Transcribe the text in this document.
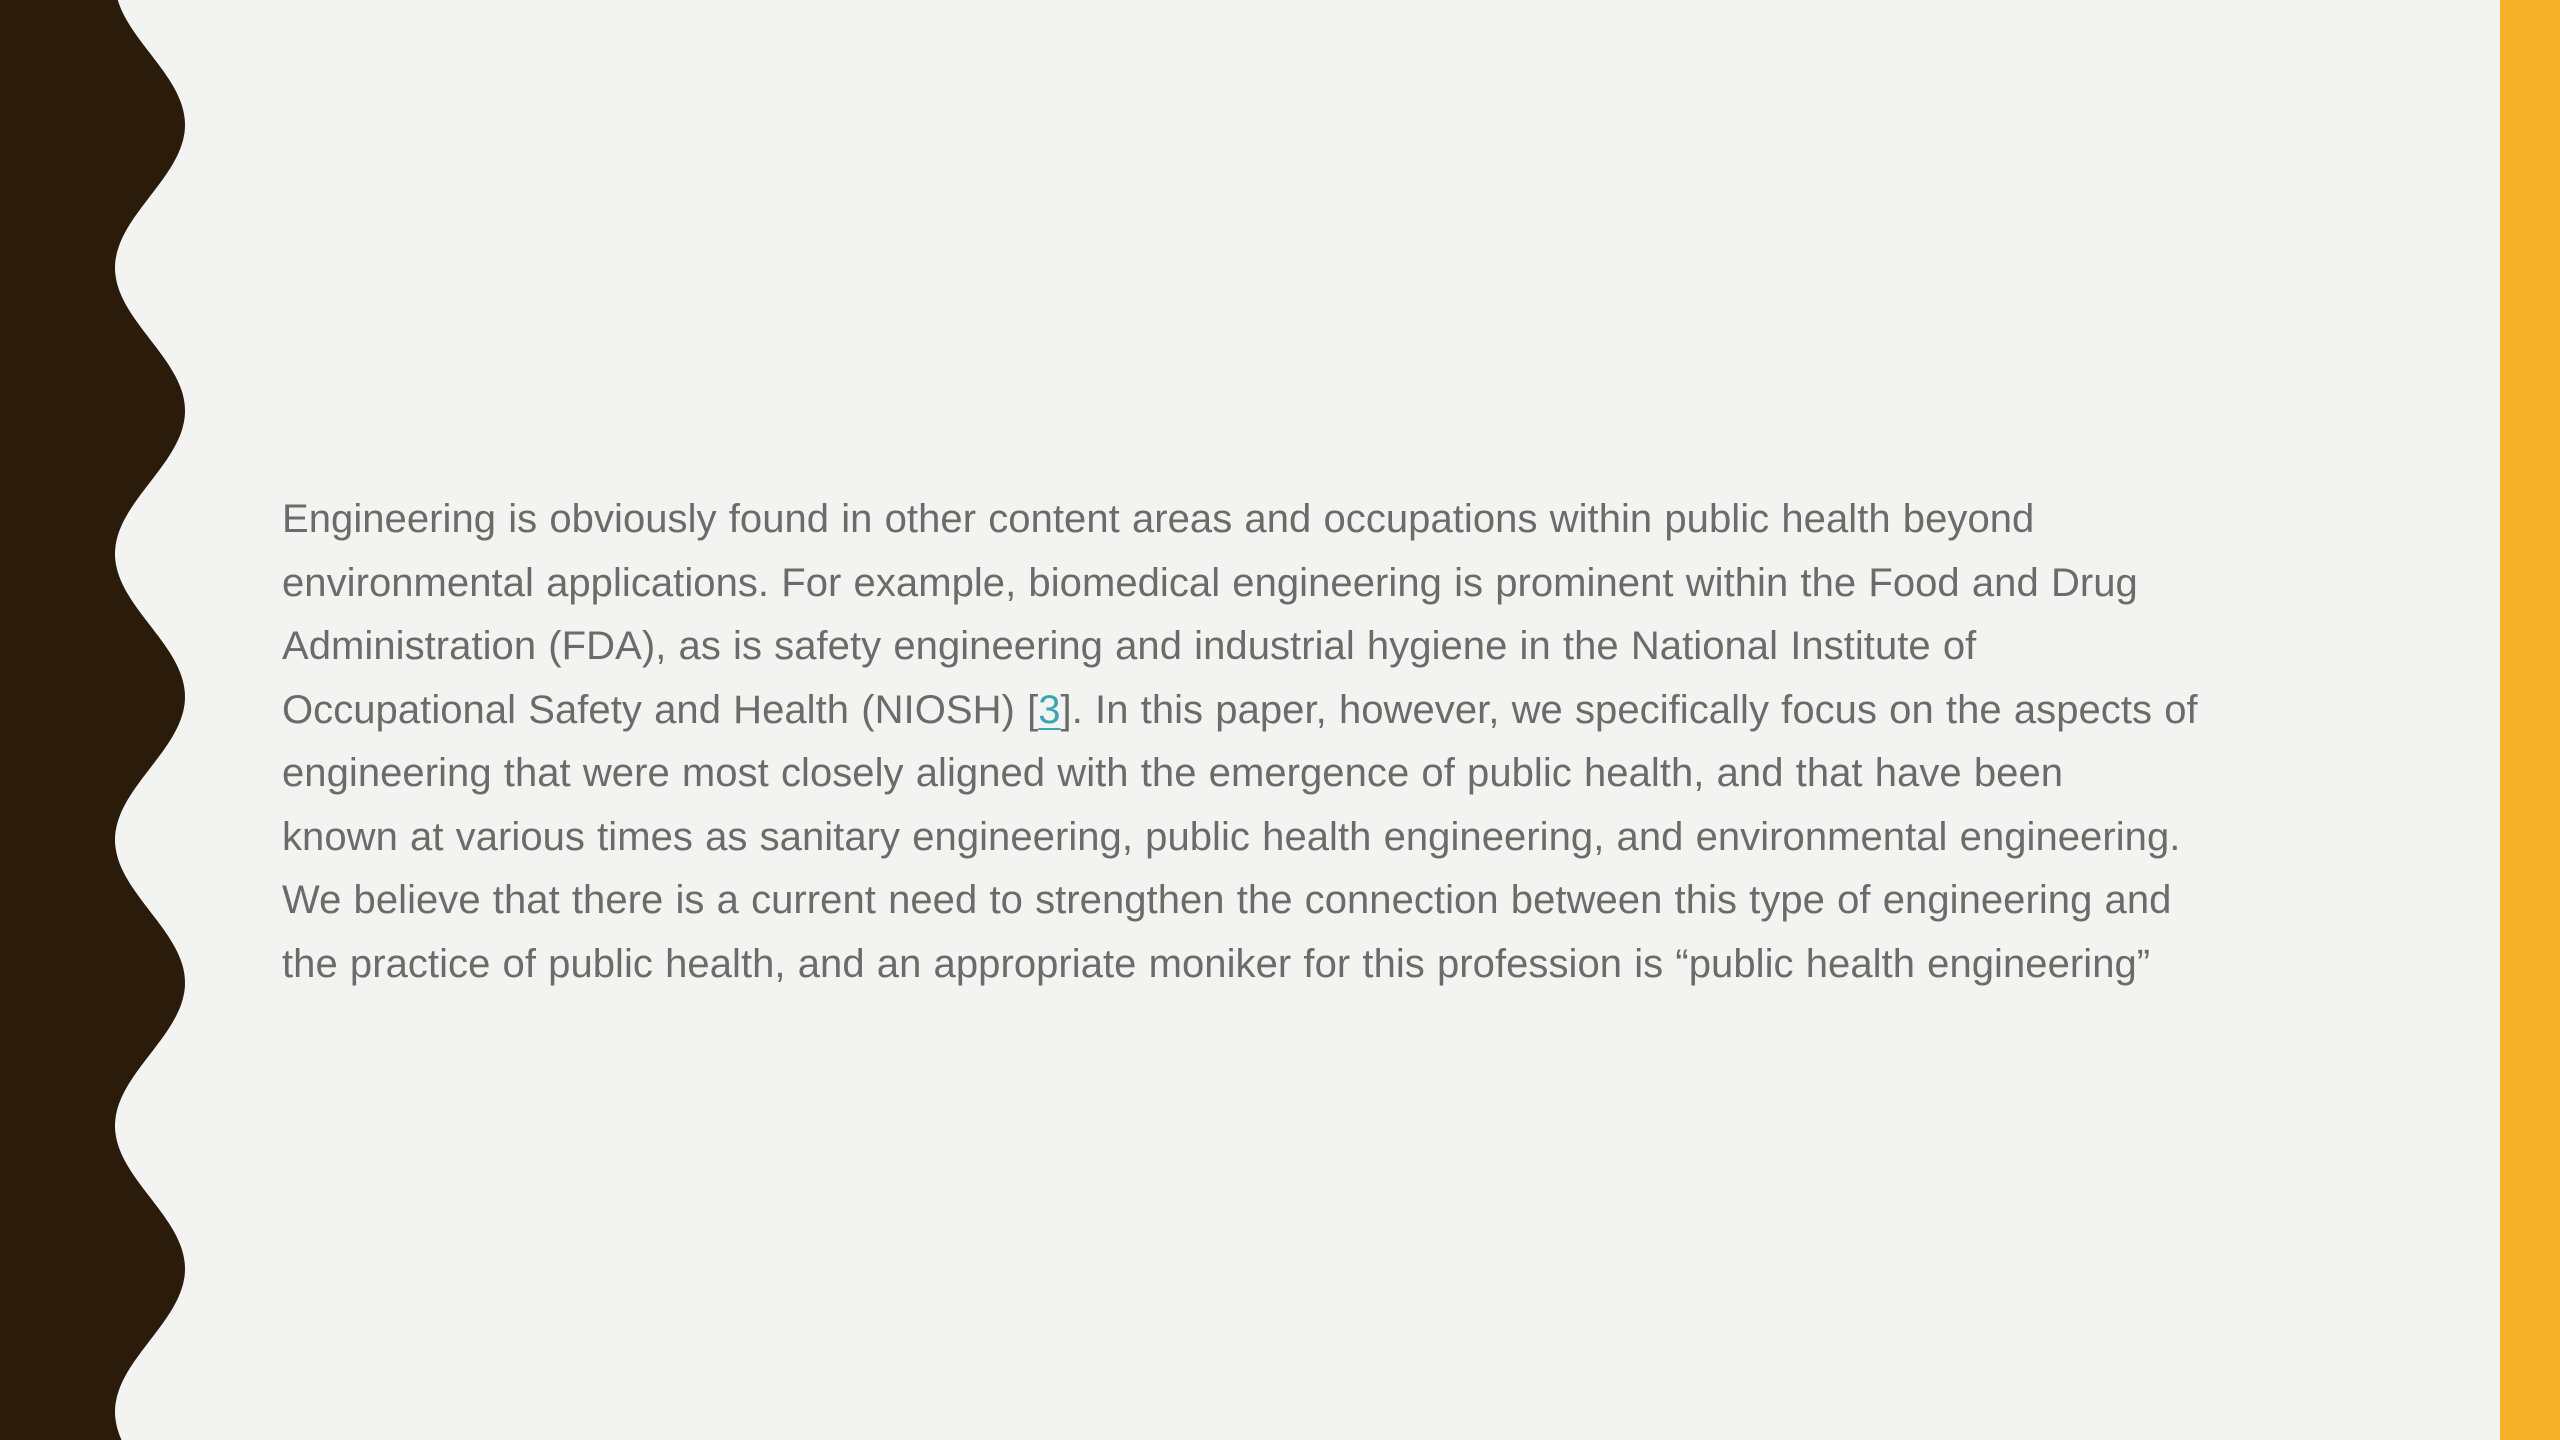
Engineering is obviously found in other content areas and occupations within public health beyond
environmental applications. For example, biomedical engineering is prominent within the Food and Drug
Administration (FDA), as is safety engineering and industrial hygiene in the National Institute of
Occupational Safety and Health (NIOSH) [3]. In this paper, however, we specifically focus on the aspects of
engineering that were most closely aligned with the emergence of public health, and that have been
known at various times as sanitary engineering, public health engineering, and environmental engineering.
We believe that there is a current need to strengthen the connection between this type of engineering and
the practice of public health, and an appropriate moniker for this profession is “public health engineering”
